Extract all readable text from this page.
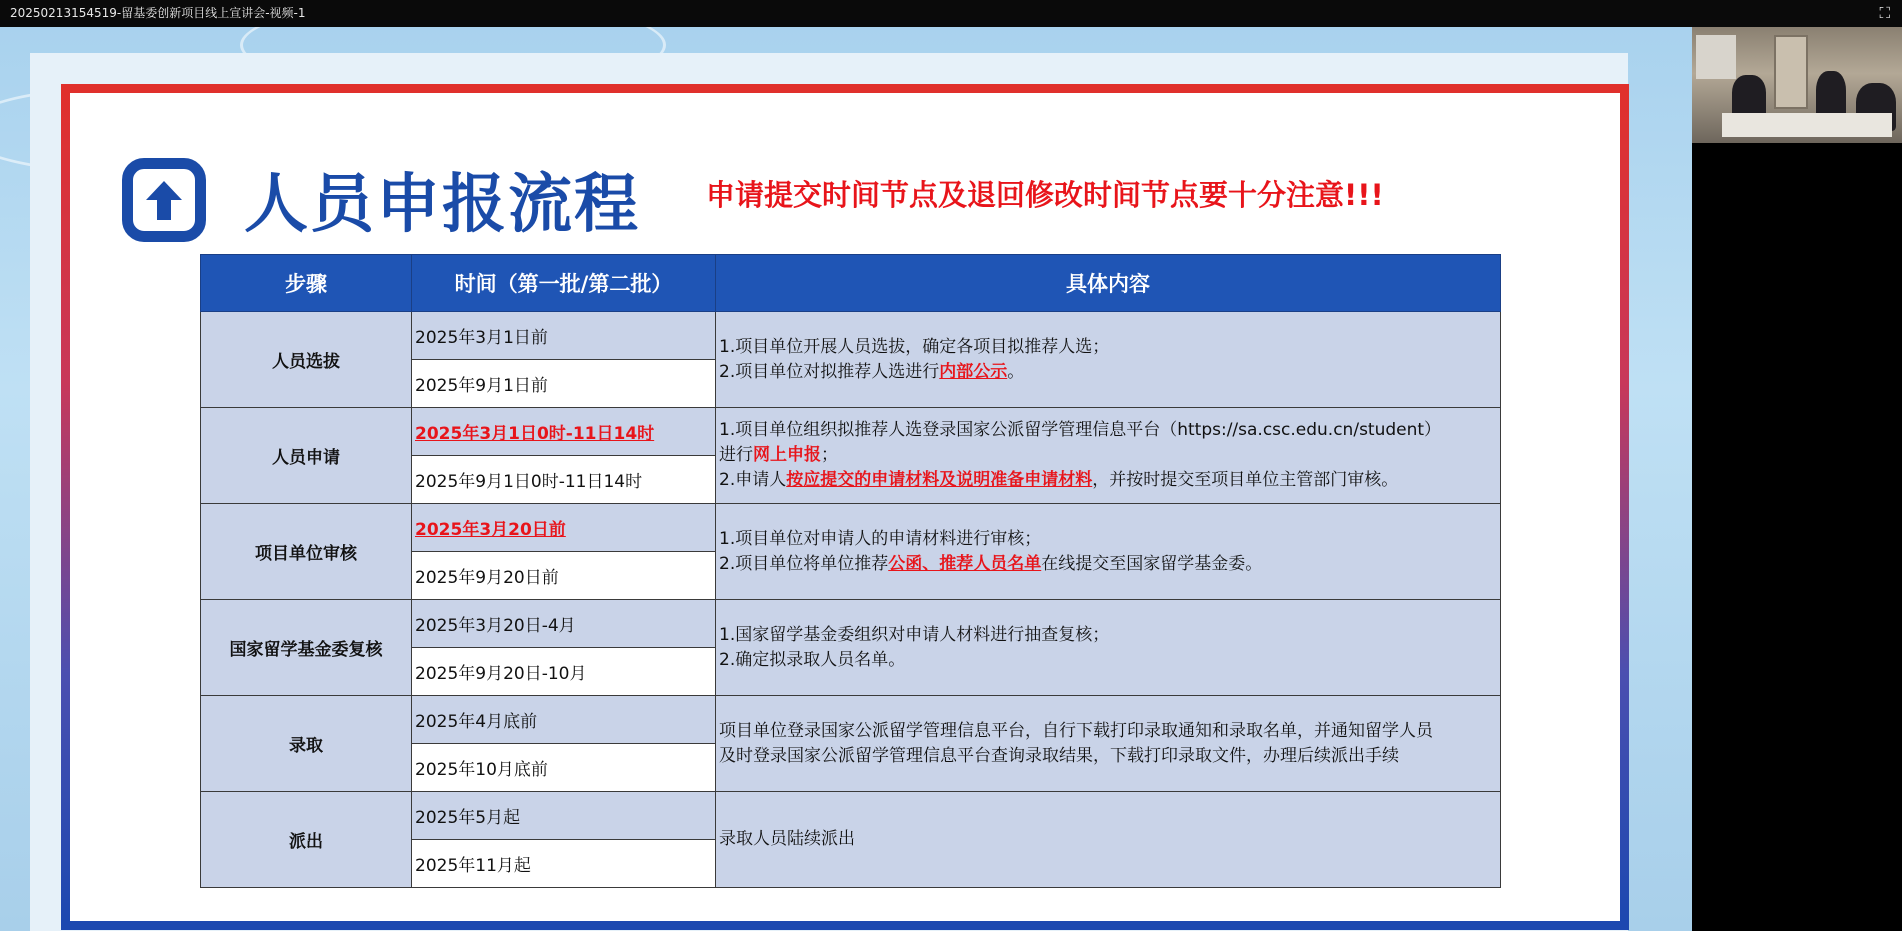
20250213154519-留基委创新项目线上宣讲会-视频-1	⛶
人员申报流程 申请提交时间节点及退回修改时间节点要十分注意!!!
步骤	时间（第一批/第二批）	具体内容
人员选拔	2025年3月1日前	1.项目单位开展人员选拔，确定各项目拟推荐人选；
2.项目单位对拟推荐人选进行内部公示。

	2025年9月1日前	
人员申请	2025年3月1日0时-11日14时	1.项目单位组织拟推荐人选登录国家公派留学管理信息平台（https://sa.csc.edu.cn/student）
进行网上申报；
2.申请人按应提交的申请材料及说明准备申请材料，并按时提交至项目单位主管部门审核。

	2025年9月1日0时-11日14时	
项目单位审核	2025年3月20日前	1.项目单位对申请人的申请材料进行审核；
2.项目单位将单位推荐公函、推荐人员名单在线提交至国家留学基金委。

	2025年9月20日前	
国家留学基金委复核	2025年3月20日-4月	1.国家留学基金委组织对申请人材料进行抽查复核；
2.确定拟录取人员名单。

	2025年9月20日-10月	
录取	2025年4月底前	项目单位登录国家公派留学管理信息平台，自行下载打印录取通知和录取名单，并通知留学人员
及时登录国家公派留学管理信息平台查询录取结果，下载打印录取文件，办理后续派出手续

	2025年10月底前	
派出	2025年5月起	录取人员陆续派出

	2025年11月起	
